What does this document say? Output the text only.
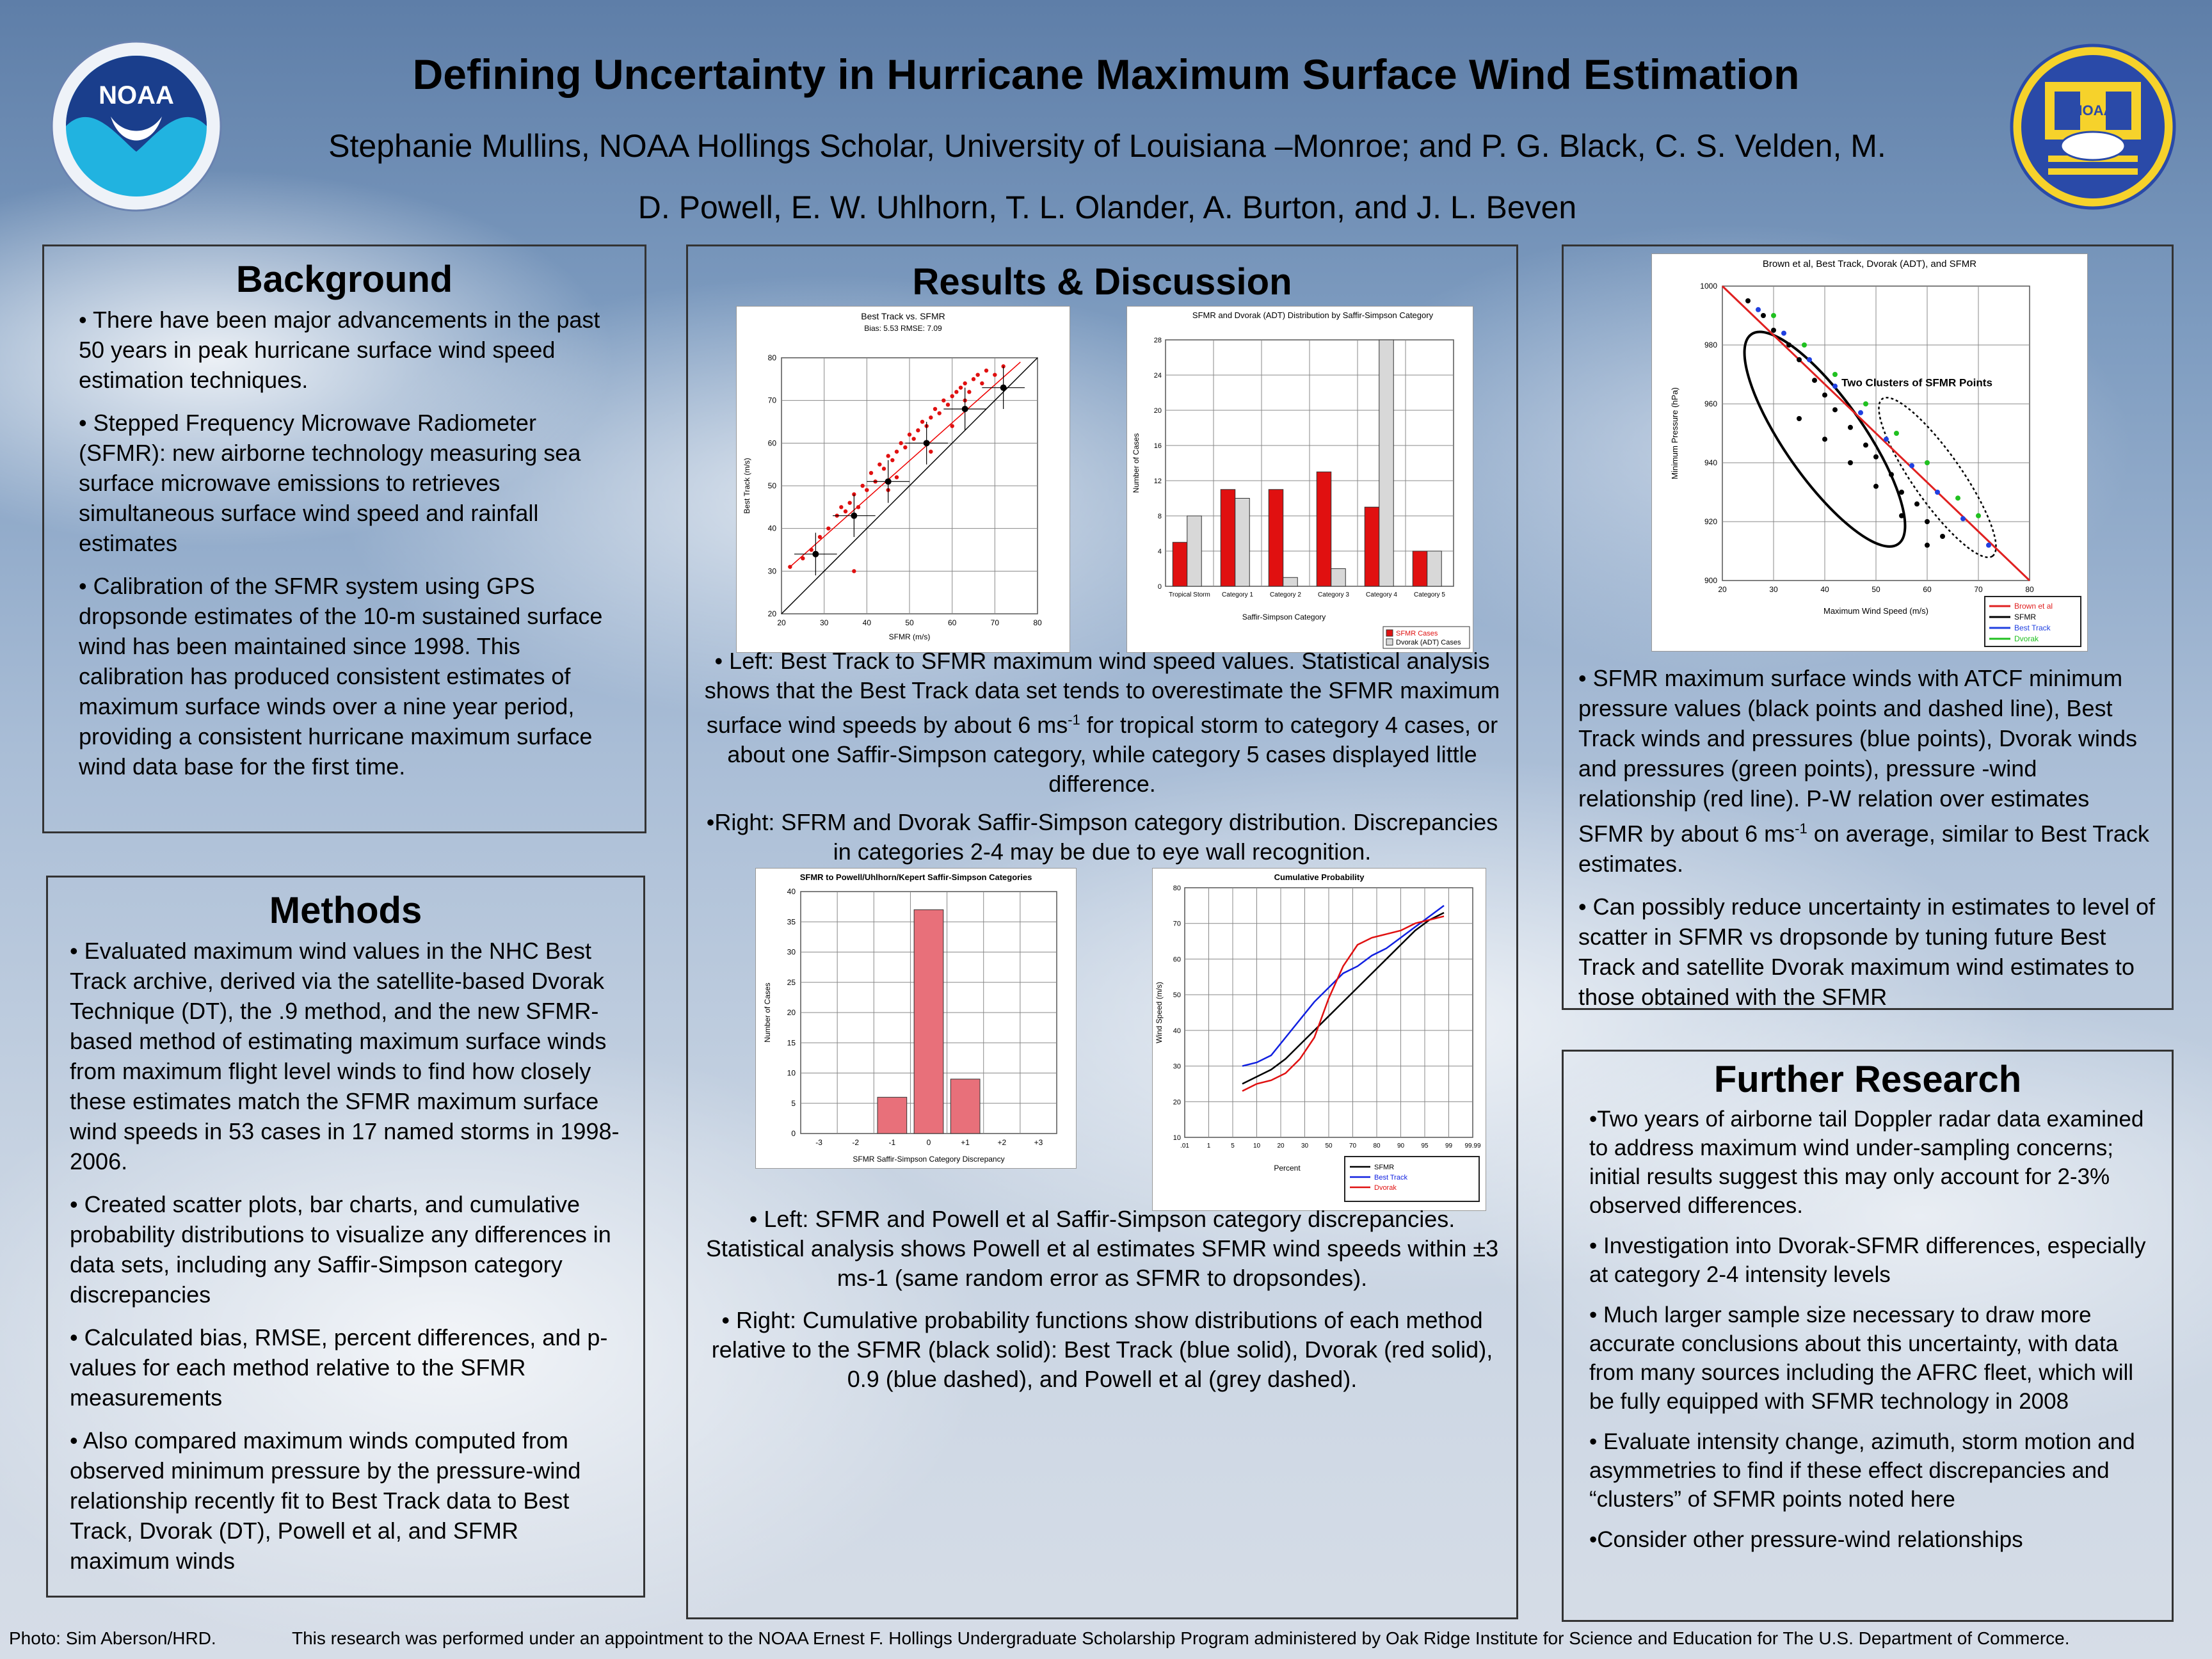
Defining Uncertainty in Hurricane Maximum Surface Wind Estimation
Stephanie Mullins, NOAA Hollings Scholar, University of Louisiana –Monroe; and P. G. Black, C. S. Velden, M.
D. Powell, E. W. Uhlhorn, T. L. Olander, A. Burton, and J. L. Beven
NOAA
NOAA
Background

• There have been major advancements in the past 50 years in peak hurricane surface wind speed estimation techniques.

• Stepped Frequency Microwave Radiometer (SFMR): new airborne technology measuring sea surface microwave emissions to retrieves simultaneous surface wind speed and rainfall estimates

• Calibration of the SFMR system using GPS dropsonde estimates of the 10-m sustained surface wind has been maintained since 1998. This calibration has produced consistent estimates of maximum surface winds over a nine year period, providing a consistent hurricane maximum surface wind data base for the first time.

Methods

• Evaluated maximum wind values in the NHC Best Track archive, derived via the satellite-based Dvorak Technique (DT), the .9 method, and the new SFMR-based method of estimating maximum surface winds from maximum flight level winds to find how closely these estimates match the SFMR maximum surface wind speeds in 53 cases in 17 named storms in 1998-2006.

• Created scatter plots, bar charts, and cumulative probability distributions to visualize any differences in data sets, including any Saffir-Simpson category discrepancies

• Calculated bias, RMSE, percent differences, and p-values for each method relative to the SFMR measurements

• Also compared maximum winds computed from observed minimum pressure by the pressure-wind relationship recently fit to Best Track data to Best Track, Dvorak (DT), Powell et al, and SFMR maximum winds

Results & Discussion
Best Track vs. SFMR
Bias: 5.53 RMSE: 7.09
20	30	40	50	60	70	80
20
30
40
50
60
70
80
SFMR (m/s)
Best Track (m/s)
SFMR and Dvorak (ADT) Distribution by Saffir-Simpson Category
Tropical Storm Category 1	Category 2	Category 3	Category 4	Category 5
0
4
8
12
16
20
24
28
Saffir-Simpson Category
Number of Cases
SFMR Cases
Dvorak (ADT) Cases
• Left: Best Track to SFMR maximum wind speed values. Statistical analysis shows that the Best Track data set tends to overestimate the SFMR maximum surface wind speeds by about 6 $ms^{-1}$ for tropical storm to category 4 cases, or about one Saffir-Simpson category, while category 5 cases displayed little difference.
•Right: SFRM and Dvorak Saffir-Simpson category distribution. Discrepancies in categories 2-4 may be due to eye wall recognition.
SFMR to Powell/Uhlhorn/Kepert Saffir-Simpson Categories
-3	-2	-1	0	+1	+2	+3
0
5
10
15
20
25
30
35
40
SFMR Saffir-Simpson Category Discrepancy
Number of Cases
Cumulative Probability
.01	1	5	10	20	30	50	70	80	90	95	99 99.99
10
20
30
40
50
60
70
80
Percent
Wind Speed (m/s)
SFMR
Best Track
Dvorak
• Left: SFMR and Powell et al Saffir-Simpson category discrepancies. Statistical analysis shows Powell et al estimates SFMR wind speeds within ±3 ms-1 (same random error as SFMR to dropsondes).
• Right: Cumulative probability functions show distributions of each method relative to the SFMR (black solid): Best Track (blue solid), Dvorak (red solid), 0.9 (blue dashed), and Powell et al (grey dashed).
Brown et al, Best Track, Dvorak (ADT), and SFMR
Two Clusters of SFMR Points
20	30	40	50	60	70	80
900
920
940
960
980
1000
Maximum Wind Speed (m/s)
Minimum Pressure (hPa)
Brown et al
SFMR
Best Track
Dvorak

• SFMR maximum surface winds with ATCF minimum pressure values (black points and dashed line), Best Track winds and pressures (blue points), Dvorak winds and pressures (green points), pressure -wind relationship (red line). P-W relation over estimates SFMR by about 6 $ms^{-1}$ on average, similar to Best Track estimates.

• Can possibly reduce uncertainty in estimates to level of scatter in SFMR vs dropsonde by tuning future Best Track and satellite Dvorak maximum wind estimates to those obtained with the SFMR

Further Research

•Two years of airborne tail Doppler radar data examined to address maximum wind under-sampling concerns; initial results suggest this may only account for 2-3% observed differences.

• Investigation into Dvorak-SFMR differences, especially at category 2-4 intensity levels

• Much larger sample size necessary to draw more accurate conclusions about this uncertainty, with data from many sources including the AFRC fleet, which will be fully equipped with SFMR technology in 2008

• Evaluate intensity change, azimuth, storm motion and asymmetries to find if these effect discrepancies and “clusters” of SFMR points noted here

•Consider other pressure-wind relationships

Photo: Sim Aberson/HRD.	This research was performed under an appointment to the NOAA Ernest F. Hollings Undergraduate Scholarship Program administered by Oak Ridge Institute for Science and Education for The U.S. Department of Commerce.
